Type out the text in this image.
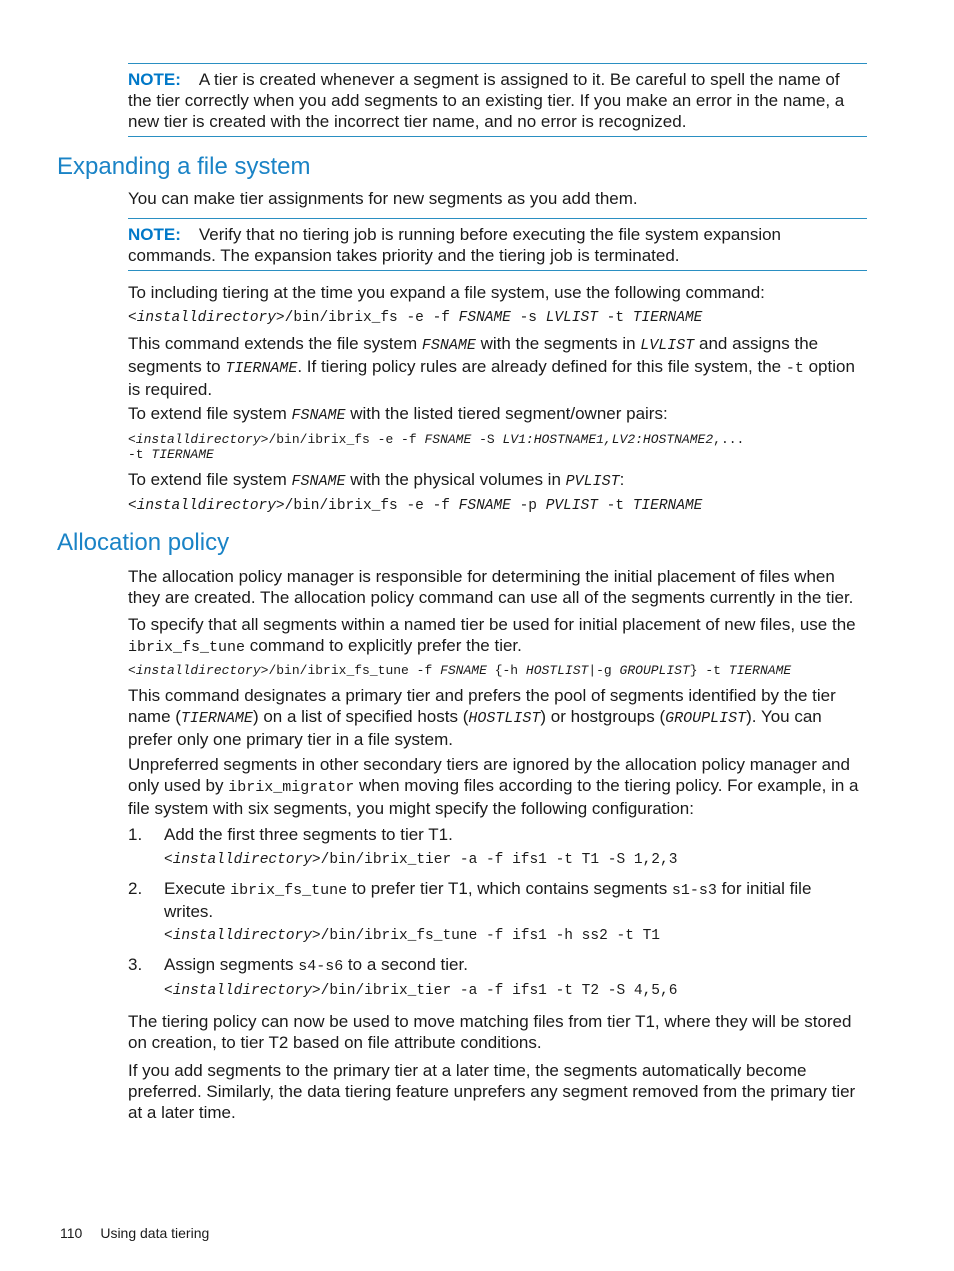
NOTE: A tier is created whenever a segment is assigned to it. Be careful to spell the name of the tier correctly when you add segments to an existing tier. If you make an error in the name, a new tier is created with the incorrect tier name, and no error is recognized.
Expanding a file system

You can make tier assignments for new segments as you add them.

NOTE: Verify that no tiering job is running before executing the file system expansion commands. The expansion takes priority and the tiering job is terminated.

To including tiering at the time you expand a file system, use the following command:

<installdirectory>/bin/ibrix_fs -e -f FSNAME -s LVLIST -t TIERNAME

This command extends the file system FSNAME with the segments in LVLIST and assigns the segments to TIERNAME. If tiering policy rules are already defined for this file system, the -t option is required.

To extend file system FSNAME with the listed tiered segment/owner pairs:

<installdirectory>/bin/ibrix_fs -e -f FSNAME -S LV1:HOSTNAME1,LV2:HOSTNAME2,...
-t TIERNAME

To extend file system FSNAME with the physical volumes in PVLIST:

<installdirectory>/bin/ibrix_fs -e -f FSNAME -p PVLIST -t TIERNAME
Allocation policy

The allocation policy manager is responsible for determining the initial placement of files when they are created. The allocation policy command can use all of the segments currently in the tier.

To specify that all segments within a named tier be used for initial placement of new files, use the ibrix_fs_tune command to explicitly prefer the tier.

<installdirectory>/bin/ibrix_fs_tune -f FSNAME {-h HOSTLIST|-g GROUPLIST} -t TIERNAME

This command designates a primary tier and prefers the pool of segments identified by the tier name (TIERNAME) on a list of specified hosts (HOSTLIST) or hostgroups (GROUPLIST). You can prefer only one primary tier in a file system.

Unpreferred segments in other secondary tiers are ignored by the allocation policy manager and only used by ibrix_migrator when moving files according to the tiering policy. For example, in a file system with six segments, you might specify the following configuration:

1. Add the first three segments to tier T1.

<installdirectory>/bin/ibrix_tier -a -f ifs1 -t T1 -S 1,2,3

2. Execute ibrix_fs_tune to prefer tier T1, which contains segments s1-s3 for initial file writes.

<installdirectory>/bin/ibrix_fs_tune -f ifs1 -h ss2 -t T1

3. Assign segments s4-s6 to a second tier.

<installdirectory>/bin/ibrix_tier -a -f ifs1 -t T2 -S 4,5,6

The tiering policy can now be used to move matching files from tier T1, where they will be stored on creation, to tier T2 based on file attribute conditions.

If you add segments to the primary tier at a later time, the segments automatically become preferred. Similarly, the data tiering feature unprefers any segment removed from the primary tier at a later time.

110 Using data tiering
